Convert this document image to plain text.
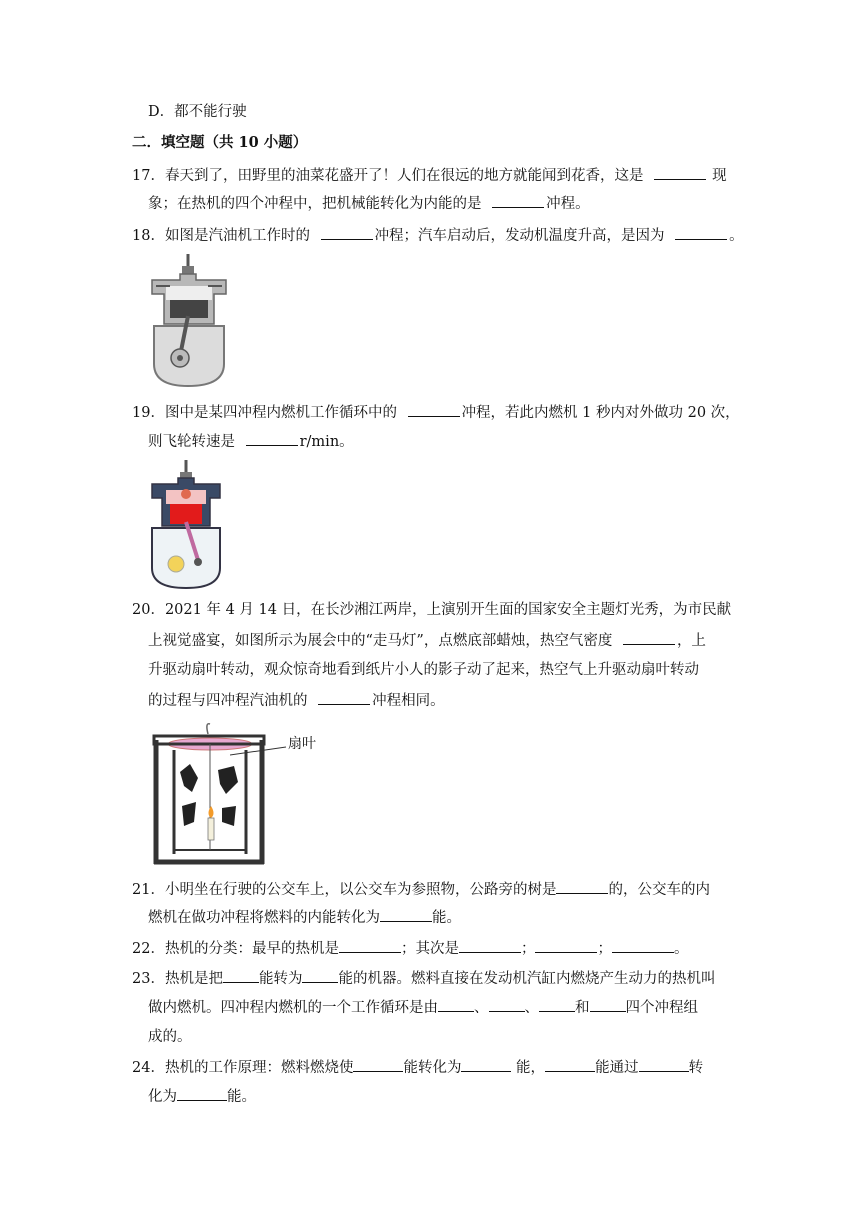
D．都不能行驶
二．填空题（共 10 小题）
17．春天到了，田野里的油菜花盛开了！人们在很远的地方就能闻到花香，这是	现
象；在热机的四个冲程中，把机械能转化为内能的是	冲程。
18．如图是汽油机工作时的	冲程；汽车启动后，发动机温度升高，是因为	。
19．图中是某四冲程内燃机工作循环中的	冲程，若此内燃机 1 秒内对外做功 20 次，
则飞轮转速是	r/min。
20．2021 年 4 月 14 日，在长沙湘江两岸，上演别开生面的国家安全主题灯光秀，为市民献
上视觉盛宴，如图所示为展会中的“走马灯”，点燃底部蜡烛，热空气密度	，上
升驱动扇叶转动，观众惊奇地看到纸片小人的影子动了起来，热空气上升驱动扇叶转动
的过程与四冲程汽油机的	冲程相同。
扇叶
21．小明坐在行驶的公交车上，以公交车为参照物，公路旁的树是	的，公交车的内
燃机在做功冲程将燃料的内能转化为	能。
22．热机的分类：最早的热机是	；其次是	；	；	。
23．热机是把 能转为 能的机器。燃料直接在发动机汽缸内燃烧产生动力的热机叫
做内燃机。四冲程内燃机的一个工作循环是由 、 、 和 四个冲程组
成的。
24．热机的工作原理：燃料燃烧使	能转化为	能，	能通过	转
化为	能。
